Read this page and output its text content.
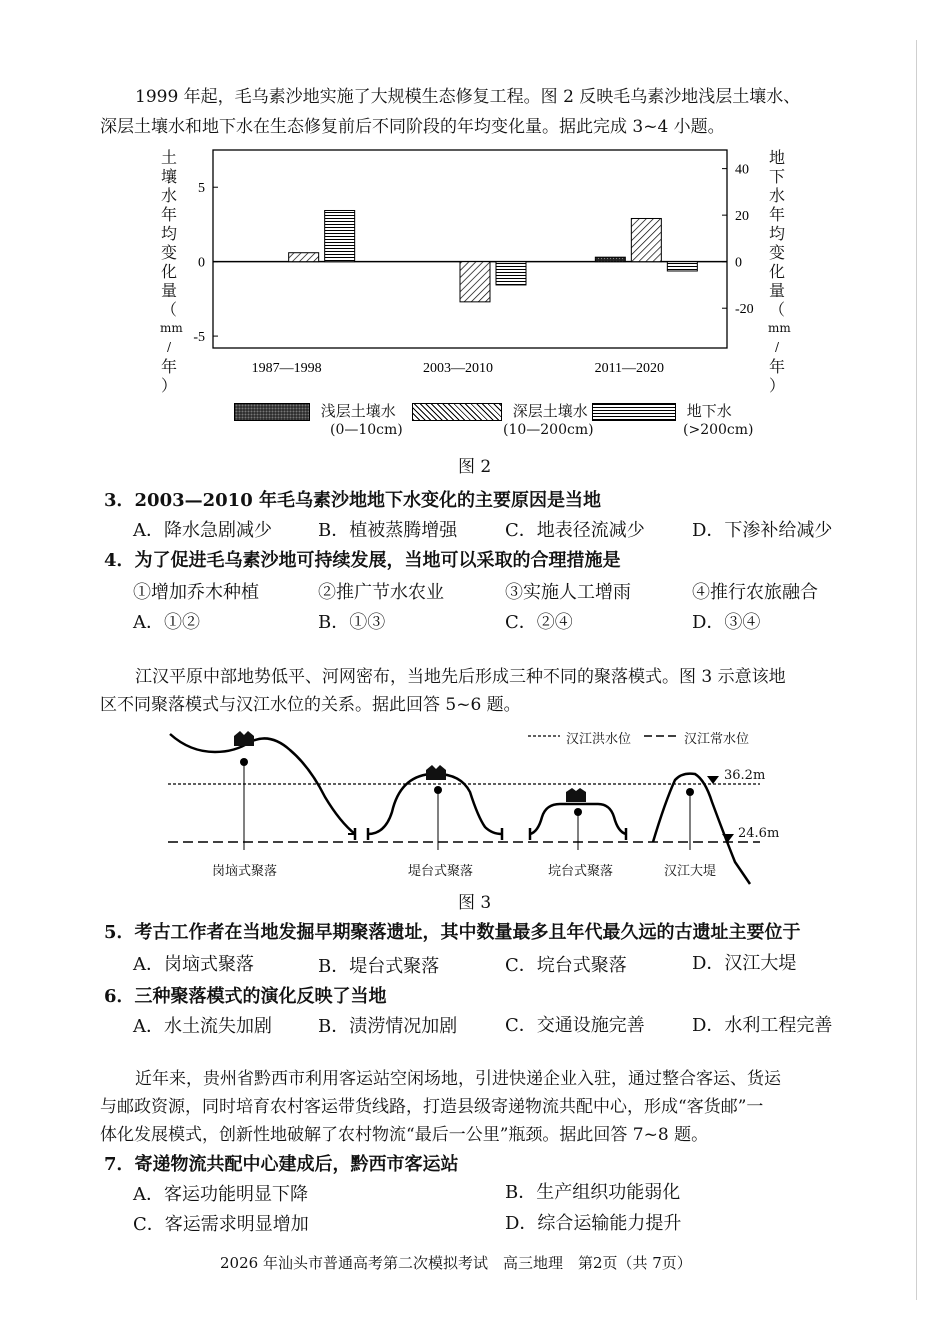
1999 年起，毛乌素沙地实施了大规模生态修复工程。图 2 反映毛乌素沙地浅层土壤水、
深层土壤水和地下水在生态修复前后不同阶段的年均变化量。据此完成 3~4 小题。
土
壤
水
年
均
变
化
量
（
mm
/
年
）
地
下
水
年
均
变
化
量
（
mm
/
年
）
5
0
-5
40
20
0
-20
1987—1998	2003—2010	2011—2020
浅层土壤水
(0—10cm)
深层土壤水
(10—200cm)
地下水
(>200cm)
图 2
3．2003—2010 年毛乌素沙地地下水变化的主要原因是当地
A．降水急剧减少	B．植被蒸腾增强	C．地表径流减少	D．下渗补给减少
4．为了促进毛乌素沙地可持续发展，当地可以采取的合理措施是
①增加乔木种植	②推广节水农业	③实施人工增雨	④推行农旅融合
A．①②	B．①③	C．②④	D．③④
江汉平原中部地势低平、河网密布，当地先后形成三种不同的聚落模式。图 3 示意该地
区不同聚落模式与汉江水位的关系。据此回答 5~6 题。
汉江洪水位	汉江常水位
36.2m
24.6m
岗垴式聚落	堤台式聚落	垸台式聚落	汉江大堤
图 3
5．考古工作者在当地发掘早期聚落遗址，其中数量最多且年代最久远的古遗址主要位于
A．岗垴式聚落	B．堤台式聚落	C．垸台式聚落	D．汉江大堤
6．三种聚落模式的演化反映了当地
A．水土流失加剧	B．渍涝情况加剧	C．交通设施完善	D．水利工程完善
近年来，贵州省黔西市利用客运站空闲场地，引进快递企业入驻，通过整合客运、货运
与邮政资源，同时培育农村客运带货线路，打造县级寄递物流共配中心，形成“客货邮”一
体化发展模式，创新性地破解了农村物流“最后一公里”瓶颈。据此回答 7~8 题。
7．寄递物流共配中心建成后，黔西市客运站
A．客运功能明显下降	B．生产组织功能弱化
C．客运需求明显增加	D．综合运输能力提升
2026 年汕头市普通高考第二次模拟考试　高三地理　第2页（共 7页）
